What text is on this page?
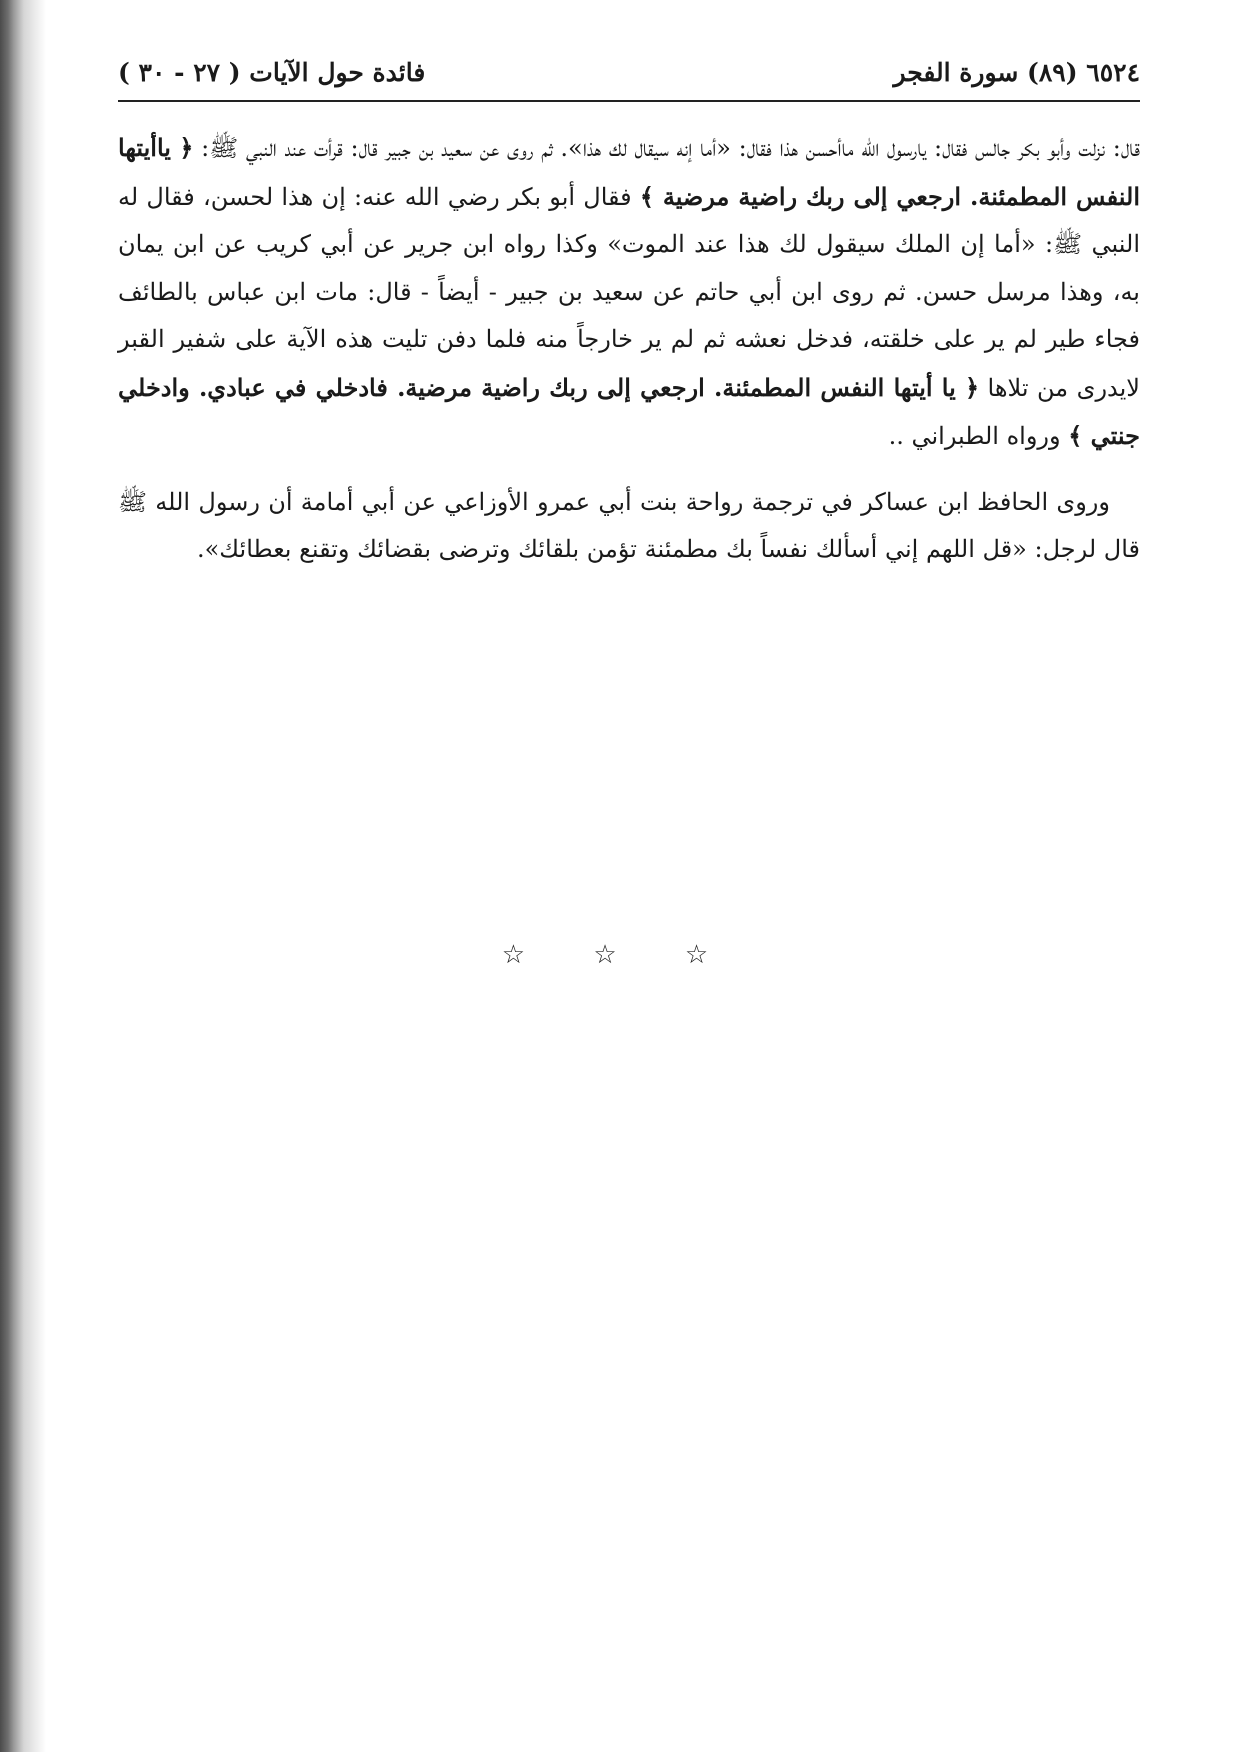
٦٥٢٤ (٨٩) سورة الفجر
فائدة حول الآيات ( ٢٧ - ٣٠ )

قال: نزلت وأبو بكر جالس فقال: يارسول الله ماأحسن هذا فقال: «أما إنه سيقال لك هذا». ثم روى عن سعيد بن جبير قال: قرأت عند النبي ﷺ: ﴿ ياأيتها النفس المطمئنة. ارجعي إلى ربك راضية مرضية ﴾ فقال أبو بكر رضي الله عنه: إن هذا لحسن، فقال له النبي ﷺ: «أما إن الملك سيقول لك هذا عند الموت» وكذا رواه ابن جرير عن أبي كريب عن ابن يمان به، وهذا مرسل حسن. ثم روى ابن أبي حاتم عن سعيد بن جبير - أيضاً - قال: مات ابن عباس بالطائف فجاء طير لم ير على خلقته، فدخل نعشه ثم لم ير خارجاً منه فلما دفن تليت هذه الآية على شفير القبر لايدرى من تلاها ﴿ يا أيتها النفس المطمئنة. ارجعي إلى ربك راضية مرضية. فادخلي في عبادي. وادخلي جنتي ﴾ ورواه الطبراني ..

وروى الحافظ ابن عساكر في ترجمة رواحة بنت أبي عمرو الأوزاعي عن أبي أمامة أن رسول الله ﷺ قال لرجل: «قل اللهم إني أسألك نفساً بك مطمئنة تؤمن بلقائك وترضى بقضائك وتقنع بعطائك».

☆ ☆ ☆
